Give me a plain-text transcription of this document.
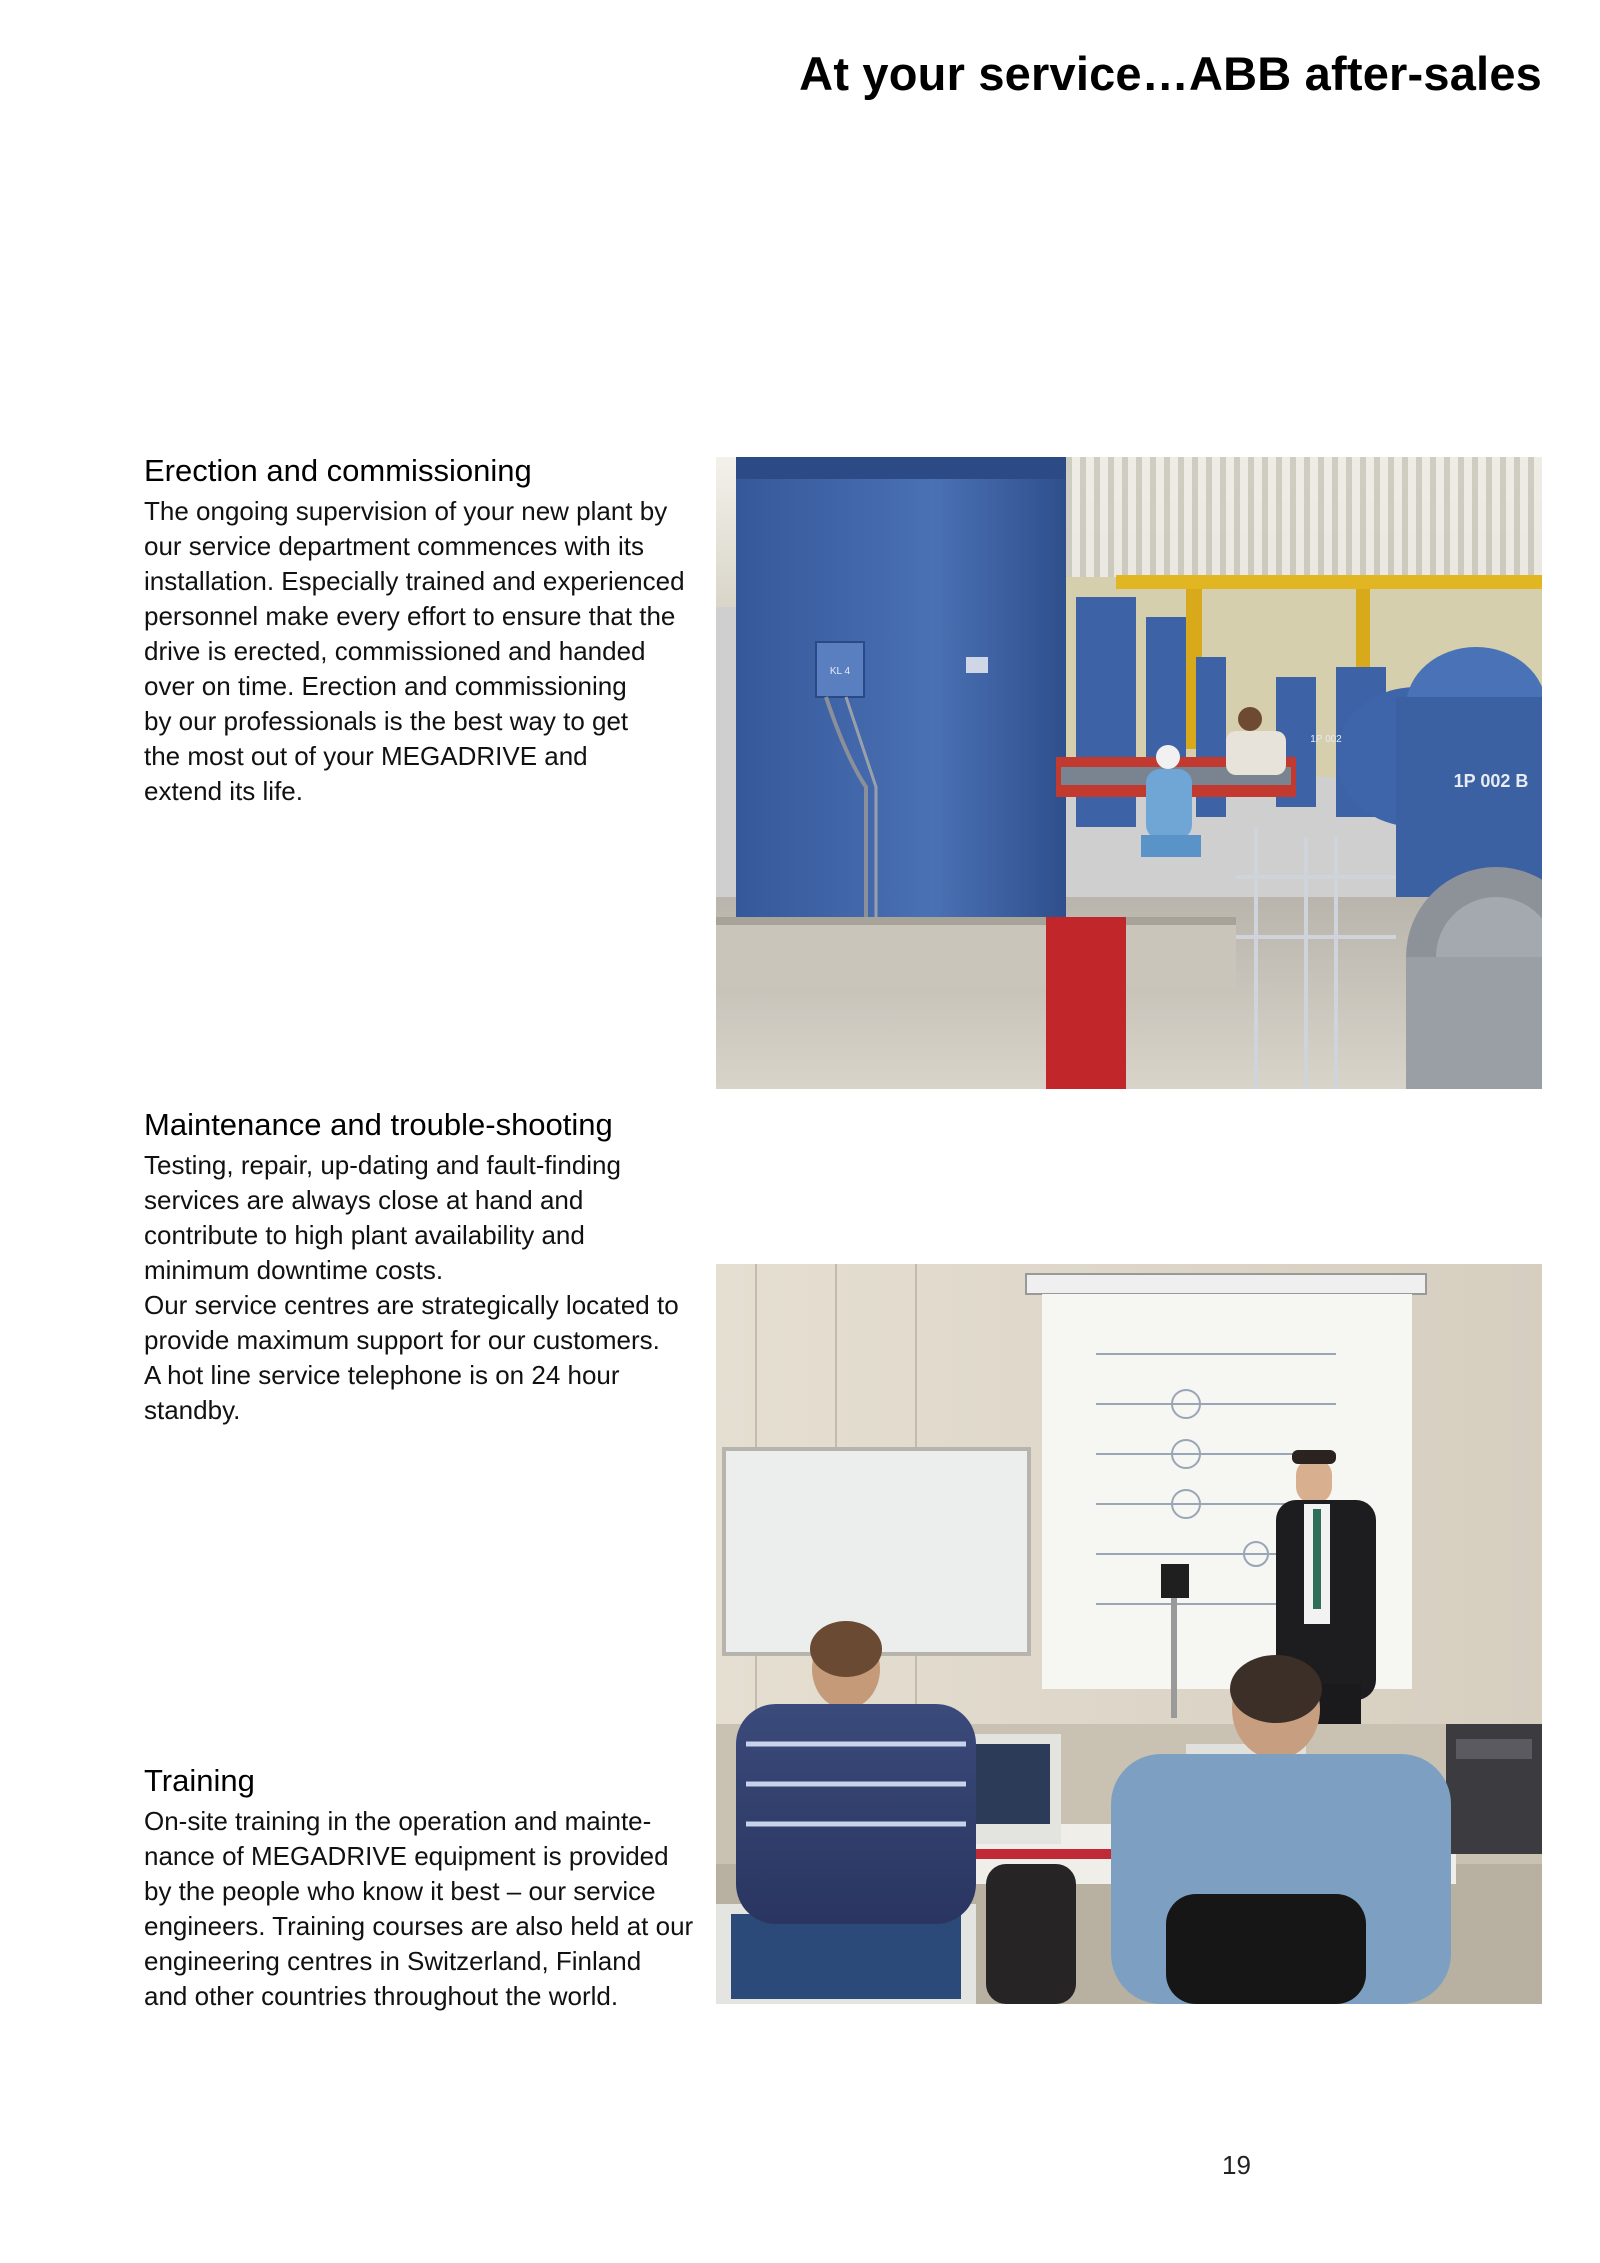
At your service…ABB after-sales
Erection and commissioning

The ongoing supervision of your new plant by
our service department commences with its
installation. Especially trained and experienced
personnel make every effort to ensure that the
drive is erected, commissioned and handed
over on time. Erection and commissioning
by our professionals is the best way to get
the most out of your MEGADRIVE and
extend its life.

Maintenance and trouble-shooting

Testing, repair, up-dating and fault-finding
services are always close at hand and
contribute to high plant availability and
minimum downtime costs.
Our service centres are strategically located to
provide maximum support for our customers.
A hot line service telephone is on 24 hour
standby.

Training

On-site training in the operation and mainte-
nance of MEGADRIVE equipment is provided
by the people who know it best – our service
engineers. Training courses are also held at our
engineering centres in Switzerland, Finland
and other countries throughout the world.

KL 4
1P 002 B
1P 002
19
